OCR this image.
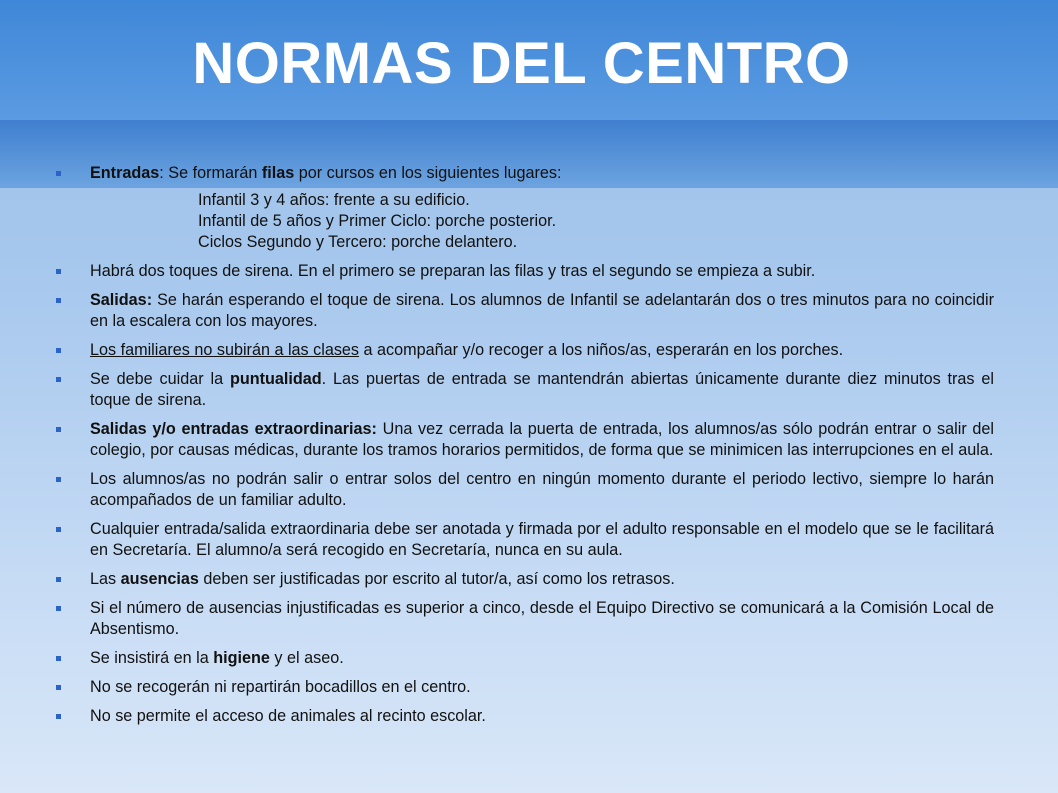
NORMAS DEL CENTRO
Entradas: Se formarán filas por cursos en los siguientes lugares:
Infantil 3 y 4 años: frente a su edificio.
Infantil de 5 años y Primer Ciclo: porche posterior.
Ciclos Segundo y Tercero: porche delantero.
Habrá dos toques de sirena. En el primero se preparan las filas y tras el segundo se empieza a subir.
Salidas: Se harán esperando el toque de sirena. Los alumnos de Infantil se adelantarán dos o tres minutos para no coincidir en la escalera con los mayores.
Los familiares no subirán a las clases a acompañar y/o recoger a los niños/as, esperarán en los porches.
Se debe cuidar la puntualidad. Las puertas de entrada se mantendrán abiertas únicamente durante diez minutos tras el toque de sirena.
Salidas y/o entradas extraordinarias: Una vez cerrada la puerta de entrada, los alumnos/as sólo podrán entrar o salir del colegio, por causas médicas, durante los tramos horarios permitidos, de forma que se minimicen las interrupciones en el aula.
Los alumnos/as no podrán salir o entrar solos del centro en ningún momento durante el periodo lectivo, siempre lo harán acompañados de un familiar adulto.
Cualquier entrada/salida extraordinaria debe ser anotada y firmada por el adulto responsable en el modelo que se le facilitará en Secretaría. El alumno/a será recogido en Secretaría, nunca en su aula.
Las ausencias deben ser justificadas por escrito al tutor/a, así como los retrasos.
Si el número de ausencias injustificadas es superior a cinco, desde el Equipo Directivo se comunicará a la Comisión Local de Absentismo.
Se insistirá en la higiene y el aseo.
No se recogerán ni repartirán bocadillos en el centro.
No se permite el acceso de animales al recinto escolar.
